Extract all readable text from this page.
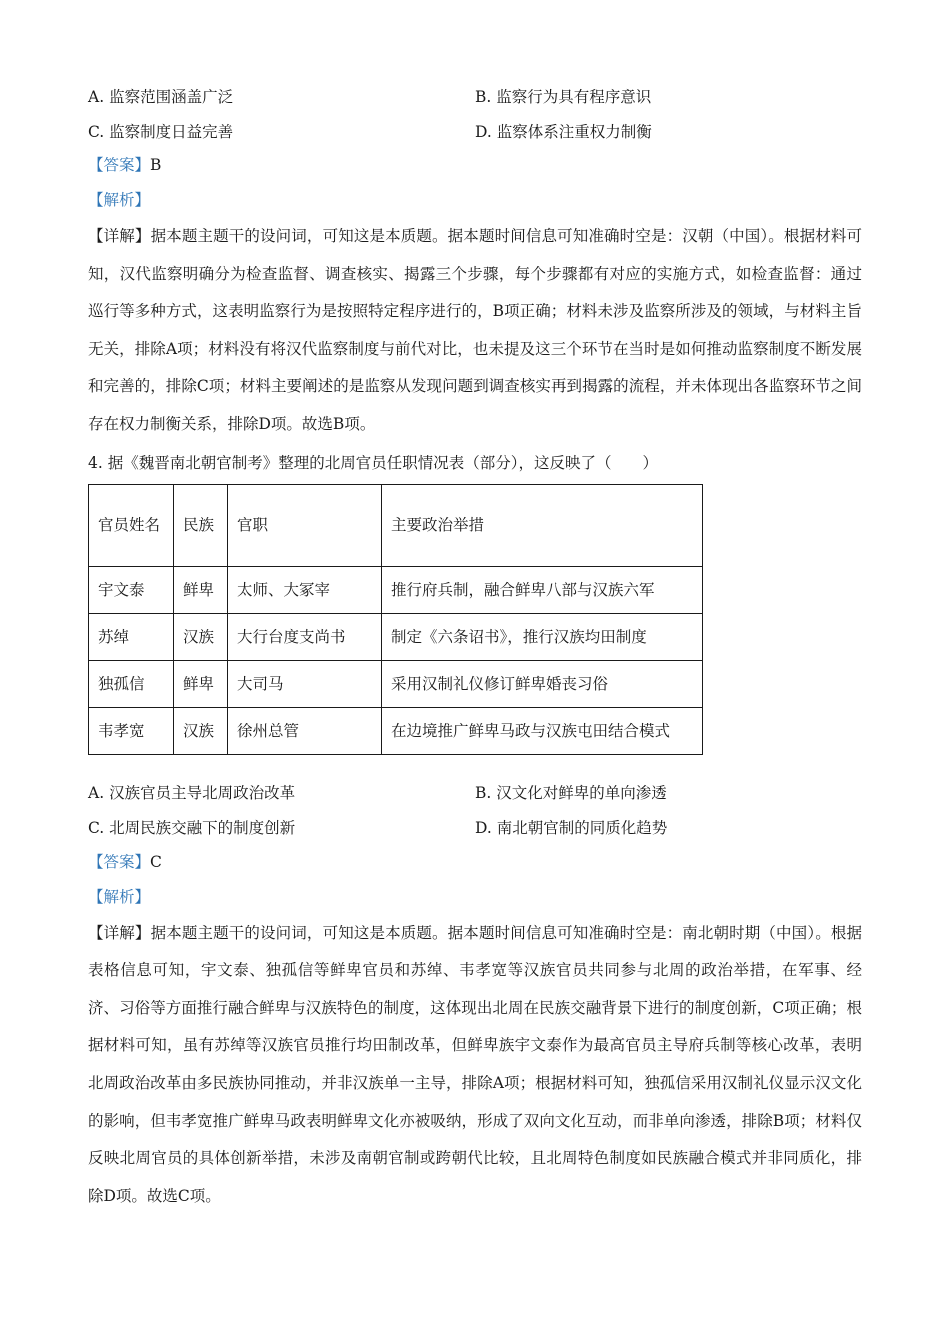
A. 监察范围涵盖广泛	B. 监察行为具有程序意识
C. 监察制度日益完善	D. 监察体系注重权力制衡
【答案】B
【解析】
【详解】据本题主题干的设问词，可知这是本质题。据本题时间信息可知准确时空是：汉朝（中国）。根据材料可知，汉代监察明确分为检查监督、调查核实、揭露三个步骤，每个步骤都有对应的实施方式，如检查监督：通过巡行等多种方式，这表明监察行为是按照特定程序进行的，B项正确；材料未涉及监察所涉及的领域，与材料主旨无关，排除A项；材料没有将汉代监察制度与前代对比，也未提及这三个环节在当时是如何推动监察制度不断发展和完善的，排除C项；材料主要阐述的是监察从发现问题到调查核实再到揭露的流程，并未体现出各监察环节之间存在权力制衡关系，排除D项。故选B项。
4. 据《魏晋南北朝官制考》整理的北周官员任职情况表（部分），这反映了（　　）
官员姓名	民族	官职	主要政治举措
宇文泰	鲜卑	太师、大冢宰	推行府兵制，融合鲜卑八部与汉族六军
苏绰	汉族	大行台度支尚书	制定《六条诏书》，推行汉族均田制度
独孤信	鲜卑	大司马	采用汉制礼仪修订鲜卑婚丧习俗
韦孝宽	汉族	徐州总管	在边境推广鲜卑马政与汉族屯田结合模式
A. 汉族官员主导北周政治改革	B. 汉文化对鲜卑的单向渗透
C. 北周民族交融下的制度创新	D. 南北朝官制的同质化趋势
【答案】C
【解析】
【详解】据本题主题干的设问词，可知这是本质题。据本题时间信息可知准确时空是：南北朝时期（中国）。根据表格信息可知，宇文泰、独孤信等鲜卑官员和苏绰、韦孝宽等汉族官员共同参与北周的政治举措，在军事、经济、习俗等方面推行融合鲜卑与汉族特色的制度，这体现出北周在民族交融背景下进行的制度创新，C项正确；根据材料可知，虽有苏绰等汉族官员推行均田制改革，但鲜卑族宇文泰作为最高官员主导府兵制等核心改革，表明北周政治改革由多民族协同推动，并非汉族单一主导，排除A项；根据材料可知，独孤信采用汉制礼仪显示汉文化的影响，但韦孝宽推广鲜卑马政表明鲜卑文化亦被吸纳，形成了双向文化互动，而非单向渗透，排除B项；材料仅反映北周官员的具体创新举措，未涉及南朝官制或跨朝代比较，且北周特色制度如民族融合模式并非同质化，排除D项。故选C项。
